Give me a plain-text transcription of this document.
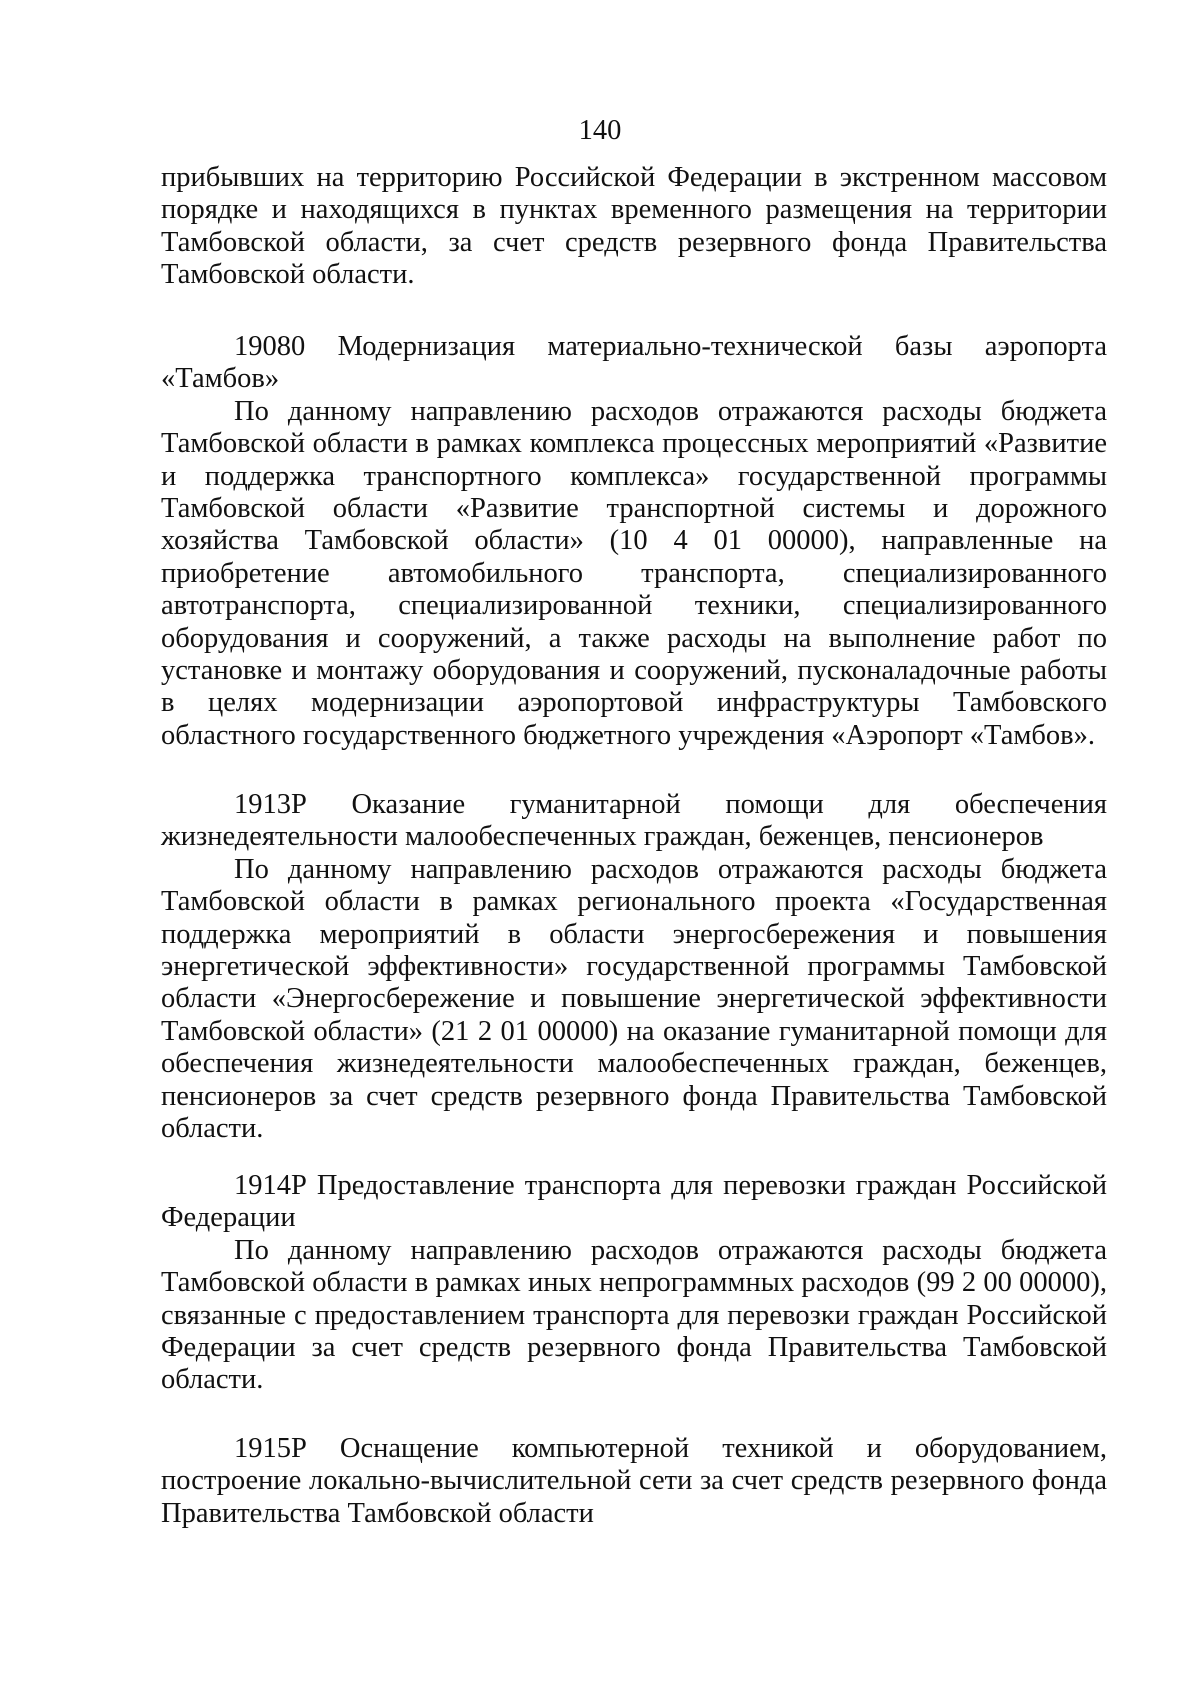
140

прибывших на территорию Российской Федерации в экстренном массовом порядке и находящихся в пунктах временного размещения на территории Тамбовской области, за счет средств резервного фонда Правительства Тамбовской области.

19080 Модернизация материально-технической базы аэропорта «Тамбов»

По данному направлению расходов отражаются расходы бюджета Тамбовской области в рамках комплекса процессных мероприятий «Развитие и поддержка транспортного комплекса» государственной программы Тамбовской области «Развитие транспортной системы и дорожного хозяйства Тамбовской области» (10 4 01 00000), направленные на приобретение автомобильного транспорта, специализированного автотранспорта, специализированной техники, специализированного оборудования и сооружений, а также расходы на выполнение работ по установке и монтажу оборудования и сооружений, пусконаладочные работы в целях модернизации аэропортовой инфраструктуры Тамбовского областного государственного бюджетного учреждения «Аэропорт «Тамбов».

1913Р Оказание гуманитарной помощи для обеспечения жизнедеятельности малообеспеченных граждан, беженцев, пенсионеров

По данному направлению расходов отражаются расходы бюджета Тамбовской области в рамках регионального проекта «Государственная поддержка мероприятий в области энергосбережения и повышения энергетической эффективности» государственной программы Тамбовской области «Энергосбережение и повышение энергетической эффективности Тамбовской области» (21 2 01 00000) на оказание гуманитарной помощи для обеспечения жизнедеятельности малообеспеченных граждан, беженцев, пенсионеров за счет средств резервного фонда Правительства Тамбовской области.

1914Р Предоставление транспорта для перевозки граждан Российской Федерации

По данному направлению расходов отражаются расходы бюджета Тамбовской области в рамках иных непрограммных расходов (99 2 00 00000), связанные с предоставлением транспорта для перевозки граждан Российской Федерации за счет средств резервного фонда Правительства Тамбовской области.

1915Р Оснащение компьютерной техникой и оборудованием, построение локально-вычислительной сети за счет средств резервного фонда Правительства Тамбовской области
